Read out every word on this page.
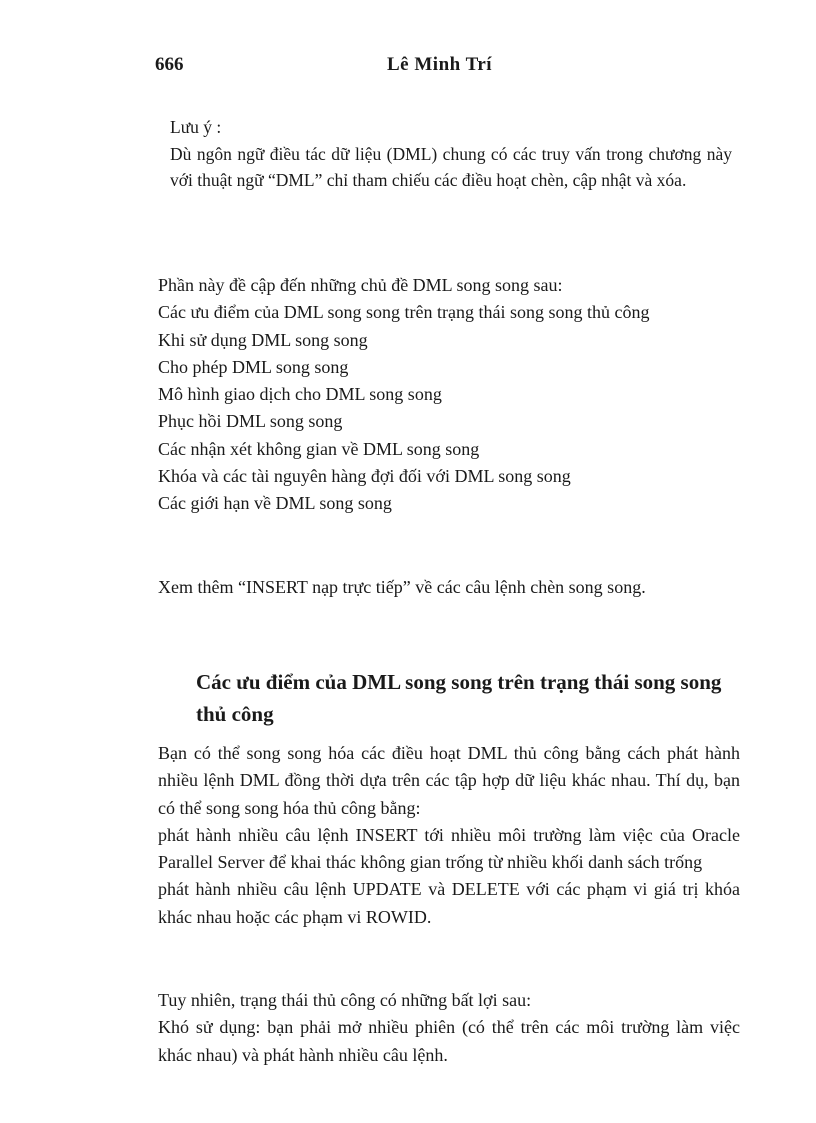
666	Lê Minh Trí

Lưu ý :

Dù ngôn ngữ điều tác dữ liệu (DML) chung có các truy vấn trong chương này với thuật ngữ “DML” chỉ tham chiếu các điều hoạt chèn, cập nhật và xóa.

Phần này đề cập đến những chủ đề DML song song sau:

Các ưu điểm của DML song song trên trạng thái song song thủ công

Khi sử dụng DML song song

Cho phép DML song song

Mô hình giao dịch cho DML song song

Phục hồi DML song song

Các nhận xét không gian về DML song song

Khóa và các tài nguyên hàng đợi đối với DML song song

Các giới hạn về DML song song

Xem thêm “INSERT nạp trực tiếp” về các câu lệnh chèn song song.

Các ưu điểm của DML song song trên trạng thái song song thủ công

Bạn có thể song song hóa các điều hoạt DML thủ công bằng cách phát hành nhiều lệnh DML đồng thời dựa trên các tập hợp dữ liệu khác nhau. Thí dụ, bạn có thể song song hóa thủ công bằng:

phát hành nhiều câu lệnh INSERT tới nhiều môi trường làm việc của Oracle Parallel Server để khai thác không gian trống từ nhiều khối danh sách trống

phát hành nhiều câu lệnh UPDATE và DELETE với các phạm vi giá trị khóa khác nhau hoặc các phạm vi ROWID.

Tuy nhiên, trạng thái thủ công có những bất lợi sau:

Khó sử dụng: bạn phải mở nhiều phiên (có thể trên các môi trường làm việc khác nhau) và phát hành nhiều câu lệnh.
